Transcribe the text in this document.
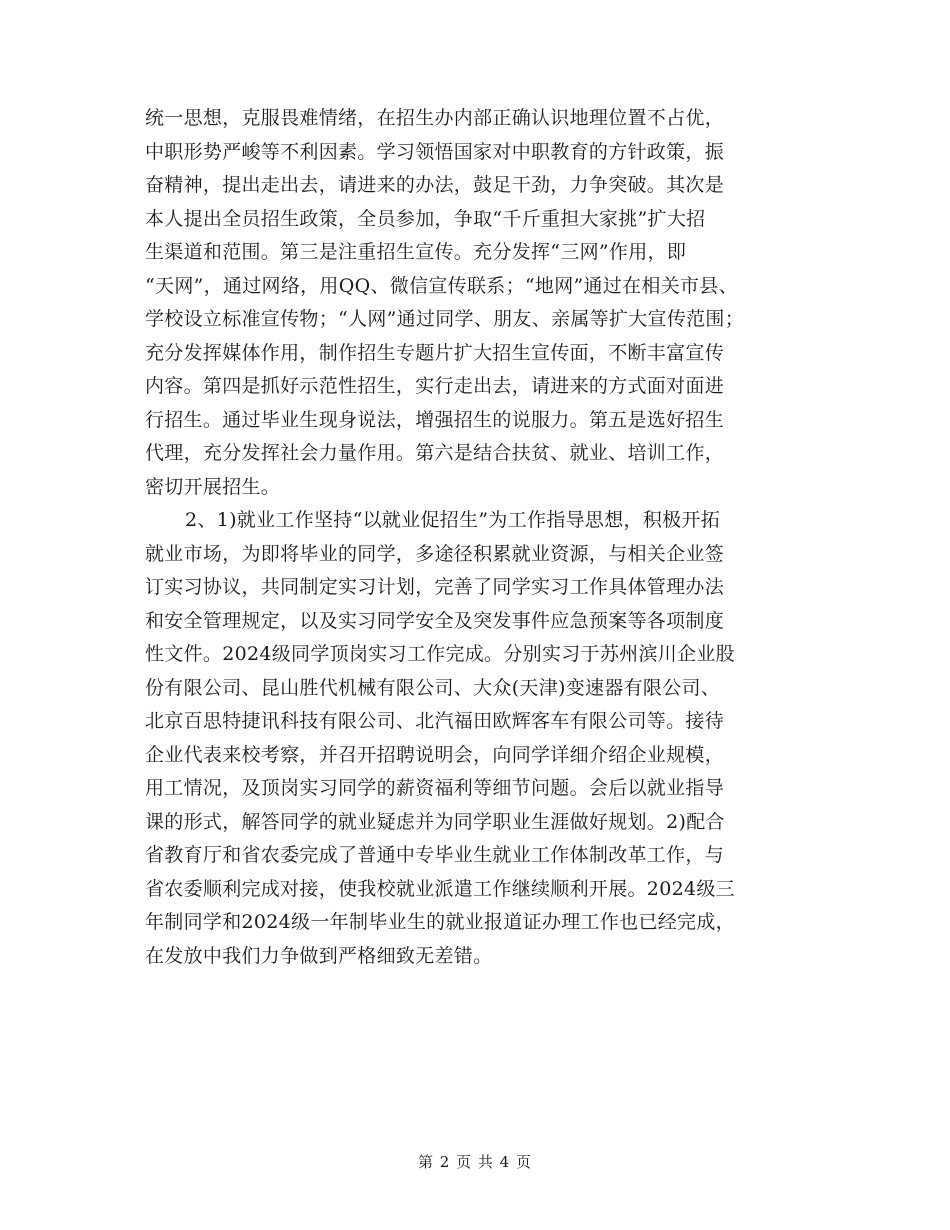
统一思想，克服畏难情绪，在招生办内部正确认识地理位置不占优，
中职形势严峻等不利因素。学习领悟国家对中职教育的方针政策，振
奋精神，提出走出去，请进来的办法，鼓足干劲，力争突破。其次是
本人提出全员招生政策，全员参加，争取“千斤重担大家挑”扩大招
生渠道和范围。第三是注重招生宣传。充分发挥“三网”作用，即
“天网”，通过网络，用QQ、微信宣传联系；“地网”通过在相关市县、
学校设立标准宣传物；“人网”通过同学、朋友、亲属等扩大宣传范围；
充分发挥媒体作用，制作招生专题片扩大招生宣传面，不断丰富宣传
内容。第四是抓好示范性招生，实行走出去，请进来的方式面对面进
行招生。通过毕业生现身说法，增强招生的说服力。第五是选好招生
代理，充分发挥社会力量作用。第六是结合扶贫、就业、培训工作，
密切开展招生。
2、1)就业工作坚持“以就业促招生”为工作指导思想，积极开拓
就业市场，为即将毕业的同学，多途径积累就业资源，与相关企业签
订实习协议，共同制定实习计划，完善了同学实习工作具体管理办法
和安全管理规定，以及实习同学安全及突发事件应急预案等各项制度
性文件。2024级同学顶岗实习工作完成。分别实习于苏州滨川企业股
份有限公司、昆山胜代机械有限公司、大众(天津)变速器有限公司、
北京百思特捷讯科技有限公司、北汽福田欧辉客车有限公司等。接待
企业代表来校考察，并召开招聘说明会，向同学详细介绍企业规模，
用工情况，及顶岗实习同学的薪资福利等细节问题。会后以就业指导
课的形式，解答同学的就业疑虑并为同学职业生涯做好规划。2)配合
省教育厅和省农委完成了普通中专毕业生就业工作体制改革工作，与
省农委顺利完成对接，使我校就业派遣工作继续顺利开展。2024级三
年制同学和2024级一年制毕业生的就业报道证办理工作也已经完成，
在发放中我们力争做到严格细致无差错。
第 2 页 共 4 页
